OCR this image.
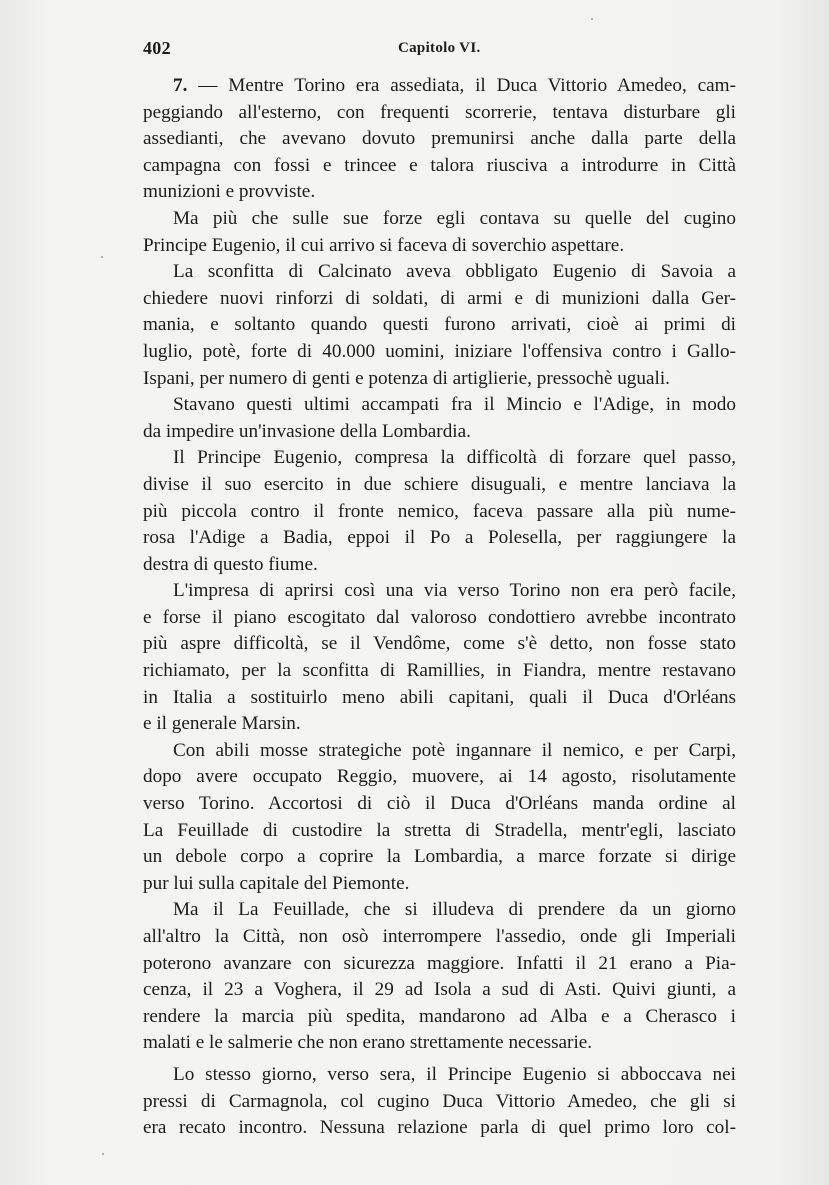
402	Capitolo VI.
7. — Mentre Torino era assediata, il Duca Vittorio Amedeo, cam-
peggiando all'esterno, con frequenti scorrerie, tentava disturbare gli
assedianti, che avevano dovuto premunirsi anche dalla parte della
campagna con fossi e trincee e talora riusciva a introdurre in Città
munizioni e provviste.
Ma più che sulle sue forze egli contava su quelle del cugino
Principe Eugenio, il cui arrivo si faceva di soverchio aspettare.
La sconfitta di Calcinato aveva obbligato Eugenio di Savoia a
chiedere nuovi rinforzi di soldati, di armi e di munizioni dalla Ger-
mania, e soltanto quando questi furono arrivati, cioè ai primi di
luglio, potè, forte di 40.000 uomini, iniziare l'offensiva contro i Gallo-
Ispani, per numero di genti e potenza di artiglierie, pressochè uguali.
Stavano questi ultimi accampati fra il Mincio e l'Adige, in modo
da impedire un'invasione della Lombardia.
Il Principe Eugenio, compresa la difficoltà di forzare quel passo,
divise il suo esercito in due schiere disuguali, e mentre lanciava la
più piccola contro il fronte nemico, faceva passare alla più nume-
rosa l'Adige a Badia, eppoi il Po a Polesella, per raggiungere la
destra di questo fiume.
L'impresa di aprirsi così una via verso Torino non era però facile,
e forse il piano escogitato dal valoroso condottiero avrebbe incontrato
più aspre difficoltà, se il Vendôme, come s'è detto, non fosse stato
richiamato, per la sconfitta di Ramillies, in Fiandra, mentre restavano
in Italia a sostituirlo meno abili capitani, quali il Duca d'Orléans
e il generale Marsin.
Con abili mosse strategiche potè ingannare il nemico, e per Carpi,
dopo avere occupato Reggio, muovere, ai 14 agosto, risolutamente
verso Torino. Accortosi di ciò il Duca d'Orléans manda ordine al
La Feuillade di custodire la stretta di Stradella, mentr'egli, lasciato
un debole corpo a coprire la Lombardia, a marce forzate si dirige
pur lui sulla capitale del Piemonte.
Ma il La Feuillade, che si illudeva di prendere da un giorno
all'altro la Città, non osò interrompere l'assedio, onde gli Imperiali
poterono avanzare con sicurezza maggiore. Infatti il 21 erano a Pia-
cenza, il 23 a Voghera, il 29 ad Isola a sud di Asti. Quivi giunti, a
rendere la marcia più spedita, mandarono ad Alba e a Cherasco i
malati e le salmerie che non erano strettamente necessarie.
Lo stesso giorno, verso sera, il Principe Eugenio si abboccava nei
pressi di Carmagnola, col cugino Duca Vittorio Amedeo, che gli si
era recato incontro. Nessuna relazione parla di quel primo loro col-
